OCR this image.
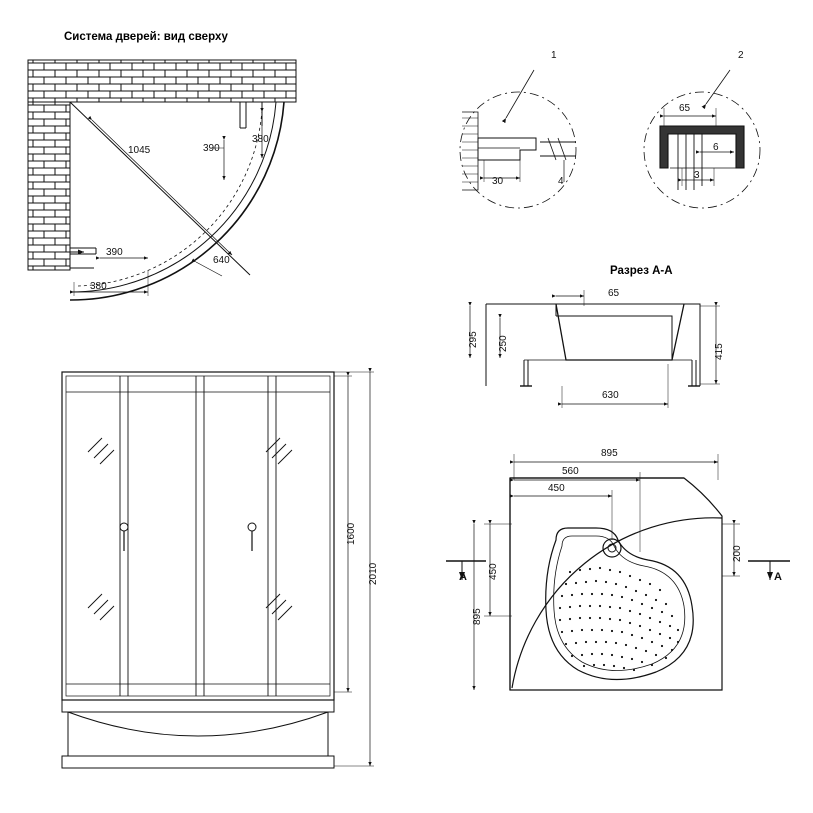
Система дверей: вид сверху
Разрез А-А
1	2
1045	390
380
390
380
640
30	4
65
6
3
65
295 250	415
630
1600
2010
895
560
450
450
895
200
А	А
